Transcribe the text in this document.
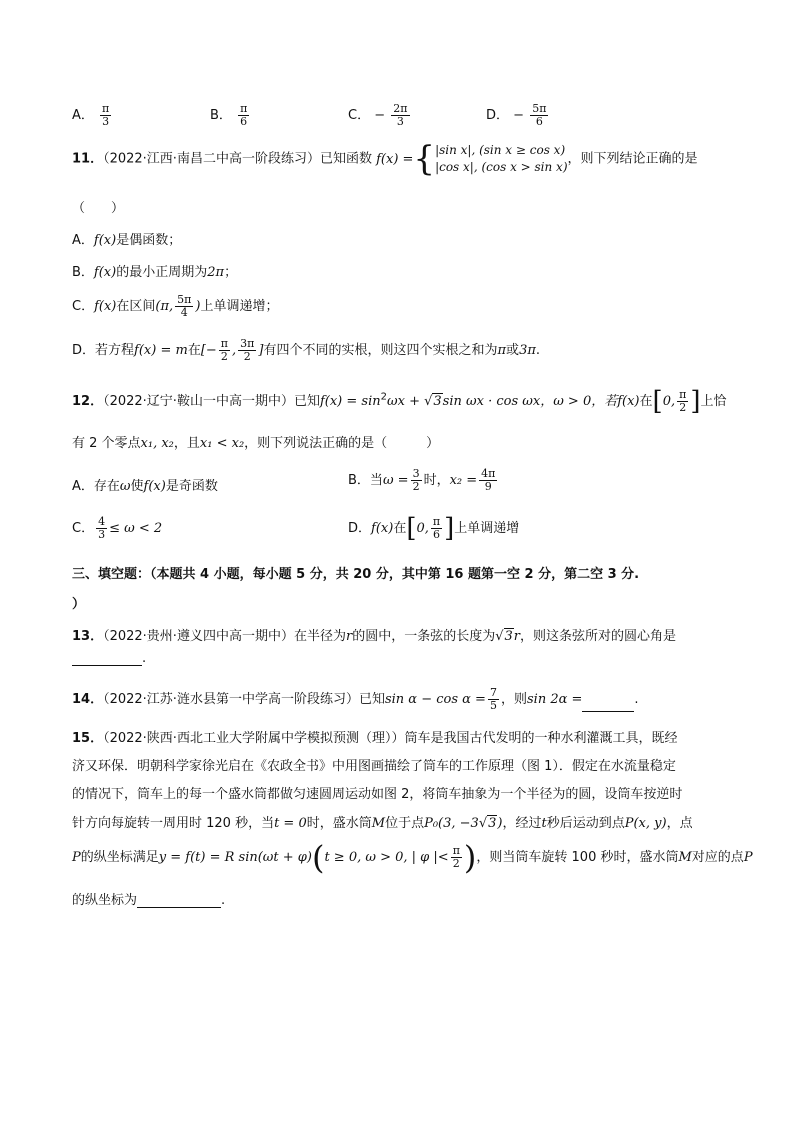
A． $\frac{\pi}{3}$	B． $\frac{\pi}{6}$	C． − $\frac{2\pi}{3}$	D． − $\frac{5\pi}{6}$
11．（2022·江西·南昌二中高一阶段练习）已知函数 f(x) = { |sin x|, (sin x ≥ cos x)
|cos x|, (cos x > sin x)
，则下列结论正确的是
（　　）
A．f(x)是偶函数；
B．f(x)的最小正周期为2π；
C．f(x)在区间(π, $\frac{5\pi}{4}$ )上单调递增；
D．若方程f(x) = m在[− $\frac{\pi}{2}$ , $\frac{3\pi}{2}$ ]有四个不同的实根，则这四个实根之和为π或3π.
12．（2022·辽宁·鞍山一中高一期中）已知$f(x) = \sin^2\omega x + √3\sin$ ωx · cos ωx，ω > 0，若f(x)在[0, $\frac{\pi}{2}$ ]上恰
有 2 个零点x₁, x₂，且x₁ < x₂，则下列说法正确的是（　　　）
A．存在ω使f(x)是奇函数	B．当$\omega = \frac{3}{2}$ 时，$x_2 = \frac{4\pi}{9}$
C． $\frac{4}{3} \le \omega < 2$	D．f(x)在[0, $\frac{\pi}{6}$ ]上单调递增
三、填空题：（本题共 4 小题，每小题 5 分，共 20 分，其中第 16 题第一空 2 分，第二空 3 分.
）
13．（2022·贵州·遵义四中高一期中）在半径为r的圆中，一条弦的长度为√3r，则这条弦所对的圆心角是
.
14．（2022·江苏·涟水县第一中学高一阶段练习）已知$\sin \alpha - \cos \alpha = \frac{7}{5}$ ，则sin 2α =	.
15．（2022·陕西·西北工业大学附属中学模拟预测（理））筒车是我国古代发明的一种水利灌溉工具，既经
济又环保．明朝科学家徐光启在《农政全书》中用图画描绘了筒车的工作原理（图 1）．假定在水流量稳定
的情况下，筒车上的每一个盛水筒都做匀速圆周运动如图 2，将筒车抽象为一个半径为的圆，设筒车按逆时
针方向每旋转一周用时 120 秒，当t = 0时，盛水筒M位于点P₀(3, −3√3)，经过t秒后运动到点P(x, y)，点
P的纵坐标满足y = f(t) = R sin(ωt + φ)(t ≥ 0, ω > 0, | φ |< $\frac{\pi}{2}$ )，则当筒车旋转 100 秒时，盛水筒M对应的点P
的纵坐标为	.
